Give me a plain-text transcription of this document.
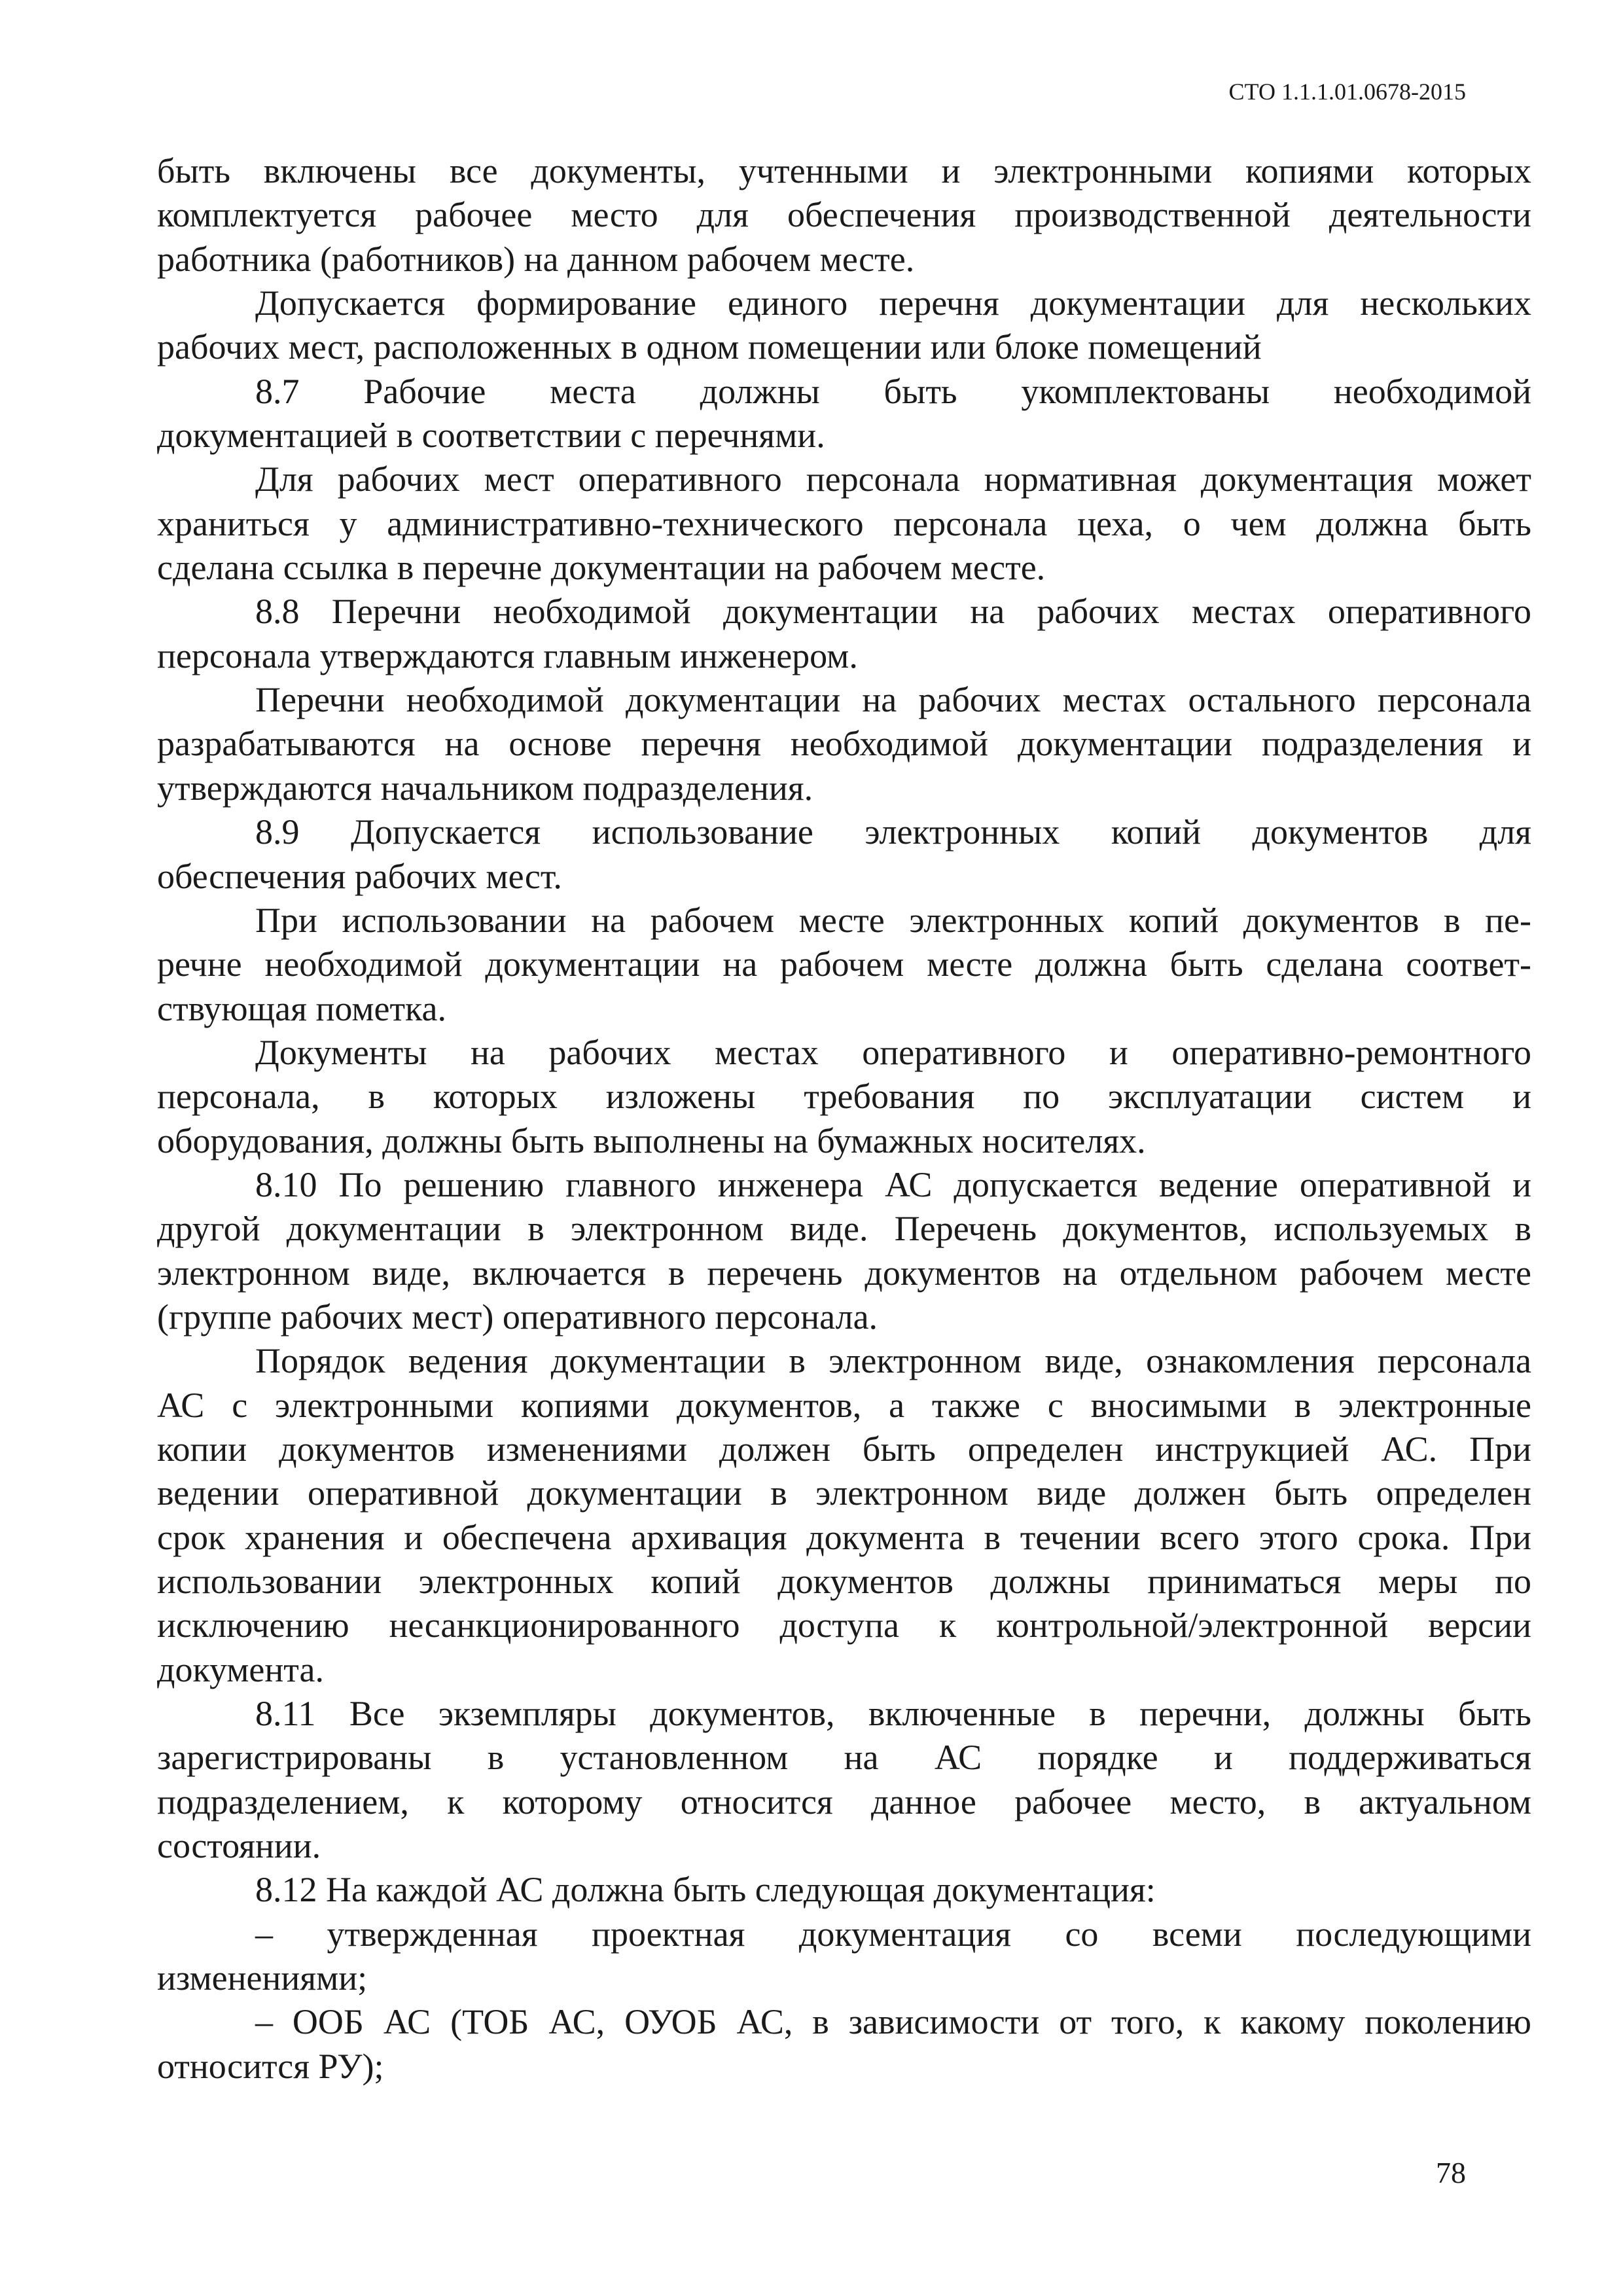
СТО 1.1.1.01.0678-2015
быть включены все документы, учтенными и электронными копиями которых
комплектуется рабочее место для обеспечения производственной деятельности
работника (работников) на данном рабочем месте.
Допускается формирование единого перечня документации для нескольких
рабочих мест, расположенных в одном помещении или блоке помещений
8.7 Рабочие места должны быть укомплектованы необходимой
документацией в соответствии с перечнями.
Для рабочих мест оперативного персонала нормативная документация может
храниться у административно-технического персонала цеха, о чем должна быть
сделана ссылка в перечне документации на рабочем месте.
8.8 Перечни необходимой документации на рабочих местах оперативного
персонала утверждаются главным инженером.
Перечни необходимой документации на рабочих местах остального персонала
разрабатываются на основе перечня необходимой документации подразделения и
утверждаются начальником подразделения.
8.9 Допускается использование электронных копий документов для
обеспечения рабочих мест.
При использовании на рабочем месте электронных копий документов в пе-
речне необходимой документации на рабочем месте должна быть сделана соответ-
ствующая пометка.
Документы на рабочих местах оперативного и оперативно-ремонтного
персонала, в которых изложены требования по эксплуатации систем и
оборудования, должны быть выполнены на бумажных носителях.
8.10 По решению главного инженера АС допускается ведение оперативной и
другой документации в электронном виде. Перечень документов, используемых в
электронном виде, включается в перечень документов на отдельном рабочем месте
(группе рабочих мест) оперативного персонала.
Порядок ведения документации в электронном виде, ознакомления персонала
АС с электронными копиями документов, а также с вносимыми в электронные
копии документов изменениями должен быть определен инструкцией АС. При
ведении оперативной документации в электронном виде должен быть определен
срок хранения и обеспечена архивация документа в течении всего этого срока. При
использовании электронных копий документов должны приниматься меры по
исключению несанкционированного доступа к контрольной/электронной версии
документа.
8.11 Все экземпляры документов, включенные в перечни, должны быть
зарегистрированы в установленном на АС порядке и поддерживаться
подразделением, к которому относится данное рабочее место, в актуальном
состоянии.
8.12 На каждой АС должна быть следующая документация:
– утвержденная проектная документация со всеми последующими
изменениями;
– ООБ АС (ТОБ АС, ОУОБ АС, в зависимости от того, к какому поколению
относится РУ);
78
